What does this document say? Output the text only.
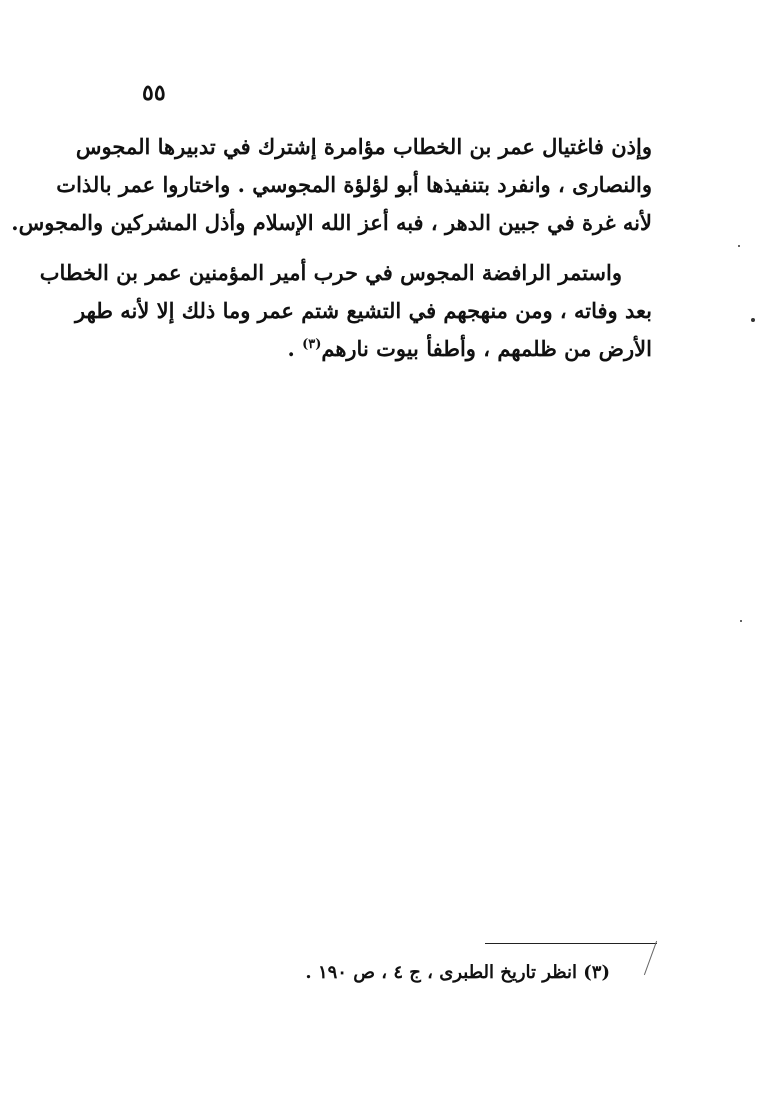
٥٥
وإذن فاغتيال عمر بن الخطاب مؤامرة إشترك في تدبيرها المجوس
والنصارى ، وانفرد بتنفيذها أبو لؤلؤة المجوسي . واختاروا عمر بالذات
لأنه غرة في جبين الدهر ، فبه أعز الله الإسلام وأذل المشركين والمجوس.
واستمر الرافضة المجوس في حرب أمير المؤمنين عمر بن الخطاب
بعد وفاته ، ومن منهجهم في التشيع شتم عمر وما ذلك إلا لأنه طهر
الأرض من ظلمهم ، وأطفأ بيوت نارهم$^{(٣)}$ .
(٣) انظر تاريخ الطبرى ، ج ٤ ، ص ١٩٠ .
